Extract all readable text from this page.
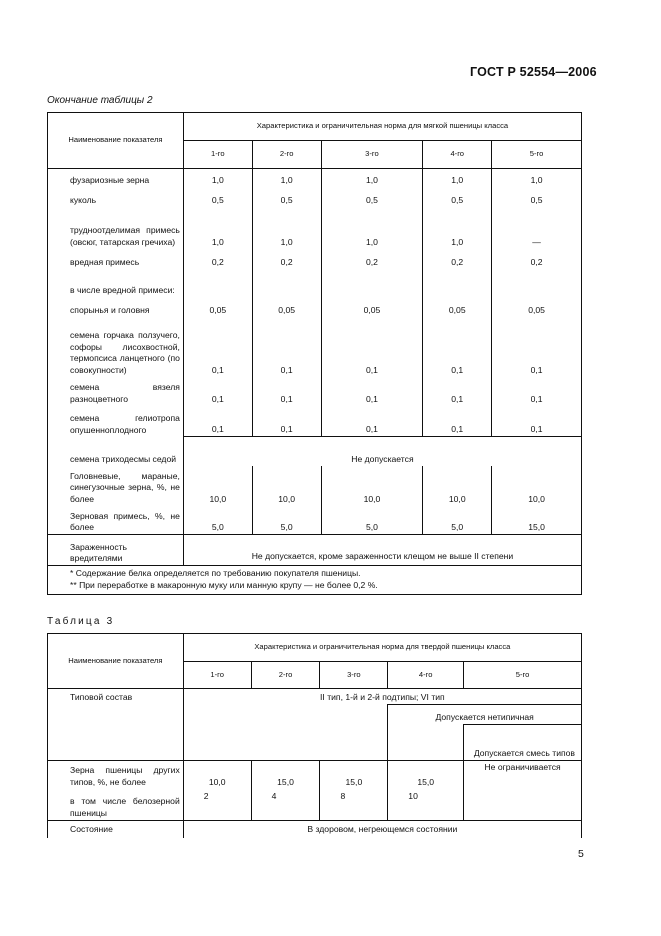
ГОСТ Р 52554—2006
Окончание таблицы 2
Наименование показателя	Характеристика и ограничительная норма для мягкой пшеницы класса				
	1-го	2-го	3-го	4-го	5-го
фузариозные зерна	1,0	1,0	1,0	1,0	1,0
куколь	0,5	0,5	0,5	0,5	0,5
трудноотделимая примесь (овсюг, татарская гречиха)	1,0	1,0	1,0	1,0	—
вредная примесь	0,2	0,2	0,2	0,2	0,2
в числе вредной примеси:					
спорынья и головня	0,05	0,05	0,05	0,05	0,05
семена горчака ползучего, софоры лисохвостной, термопсиса ланцетного (по совокупности)	0,1	0,1	0,1	0,1	0,1
семена вязеля разноцветного	0,1	0,1	0,1	0,1	0,1
семена гелиотропа опушенноплодного	0,1	0,1	0,1	0,1	0,1
семена триходесмы седой	Не допускается				
Головневые, мараные, синегузочные зерна, %, не более	10,0	10,0	10,0	10,0	10,0
Зерновая примесь, %, не более	5,0	5,0	5,0	5,0	15,0
Зараженность вредителями	Не допускается, кроме зараженности клещом не выше II степени				

* Содержание белка определяется по требованию покупателя пшеницы.
** При переработке в макаронную муку или манную крупу — не более 0,2 %.					
Таблица 3
Наименование показателя	Характеристика и ограничительная норма для твердой пшеницы класса				
	1-го	2-го	3-го	4-го	5-го
Типовой состав	II тип, 1-й и 2-й подтипы; VI тип				
				Допускается нетипичная	
					Допускается смесь типов
Зерна пшеницы других типов, %, не более	10,0	15,0	15,0	15,0	Не ограничивается
в том числе белозерной пшеницы	2	4	8	10	
Состояние	В здоровом, негреющемся состоянии				
5
